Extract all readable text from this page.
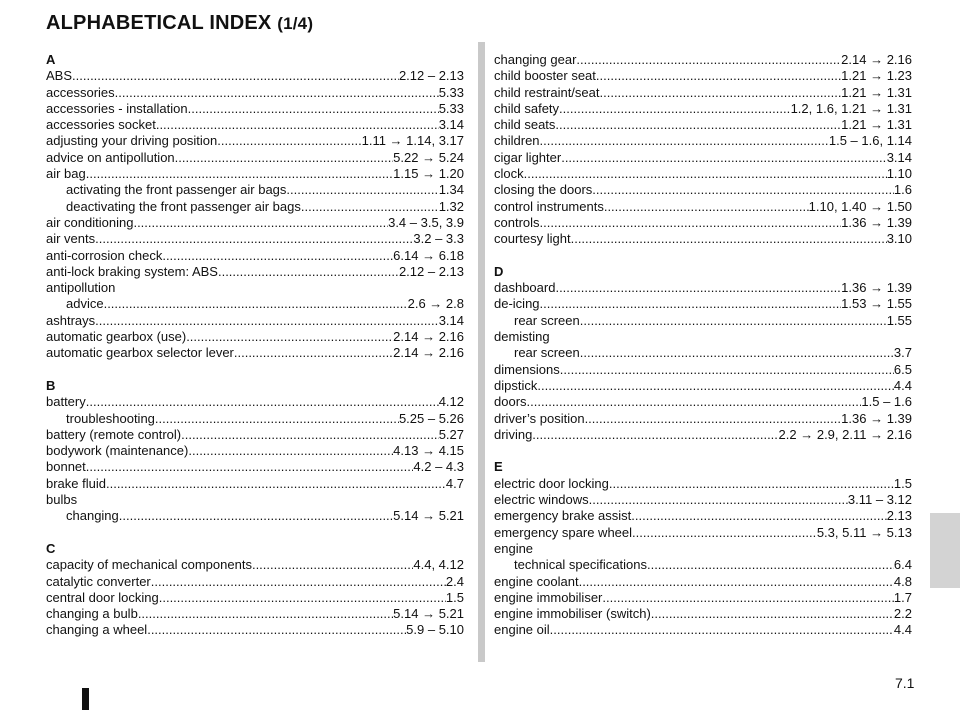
ALPHABETICAL INDEX (1/4)
A
ABS .....	2.12 – 2.13
accessories .....	5.33
accessories - installation .....	5.33
accessories socket .....	3.14
adjusting your driving position .....	1.11 → 1.14, 3.17
advice on antipollution .....	5.22 → 5.24
air bag .....	1.15 → 1.20
activating the front passenger air bags .....	1.34
deactivating the front passenger air bags .....	1.32
air conditioning .....	3.4 – 3.5, 3.9
air vents .....	3.2 – 3.3
anti-corrosion check .....	6.14 → 6.18
anti-lock braking system: ABS .....	2.12 – 2.13
antipollution
advice .....	2.6 → 2.8
ashtrays .....	3.14
automatic gearbox (use) .....	2.14 → 2.16
automatic gearbox selector lever .....	2.14 → 2.16
B
battery .....	4.12
troubleshooting .....	5.25 – 5.26
battery (remote control) .....	5.27
bodywork (maintenance) .....	4.13 → 4.15
bonnet .....	4.2 – 4.3
brake fluid .....	4.7
bulbs
changing .....	5.14 → 5.21
C
capacity of mechanical components .....	4.4, 4.12
catalytic converter .....	2.4
central door locking .....	1.5
changing a bulb .....	5.14 → 5.21
changing a wheel .....	5.9 – 5.10
changing gear .....	2.14 → 2.16
child booster seat .....	1.21 → 1.23
child restraint/seat .....	1.21 → 1.31
child safety .....	1.2, 1.6, 1.21 → 1.31
child seats .....	1.21 → 1.31
children .....	1.5 – 1.6, 1.14
cigar lighter .....	3.14
clock .....	1.10
closing the doors .....	1.6
control instruments .....	1.10, 1.40 → 1.50
controls .....	1.36 → 1.39
courtesy light .....	3.10
D
dashboard .....	1.36 → 1.39
de-icing .....	1.53 → 1.55
rear screen .....	1.55
demisting
rear screen .....	3.7
dimensions .....	6.5
dipstick .....	4.4
doors .....	1.5 – 1.6
driver’s position .....	1.36 → 1.39
driving .....	2.2 → 2.9, 2.11 → 2.16
E
electric door locking .....	1.5
electric windows .....	3.11 – 3.12
emergency brake assist .....	2.13
emergency spare wheel .....	5.3, 5.11 → 5.13
engine
technical specifications .....	6.4
engine coolant .....	4.8
engine immobiliser .....	1.7
engine immobiliser (switch) .....	2.2
engine oil .....	4.4
7.1
